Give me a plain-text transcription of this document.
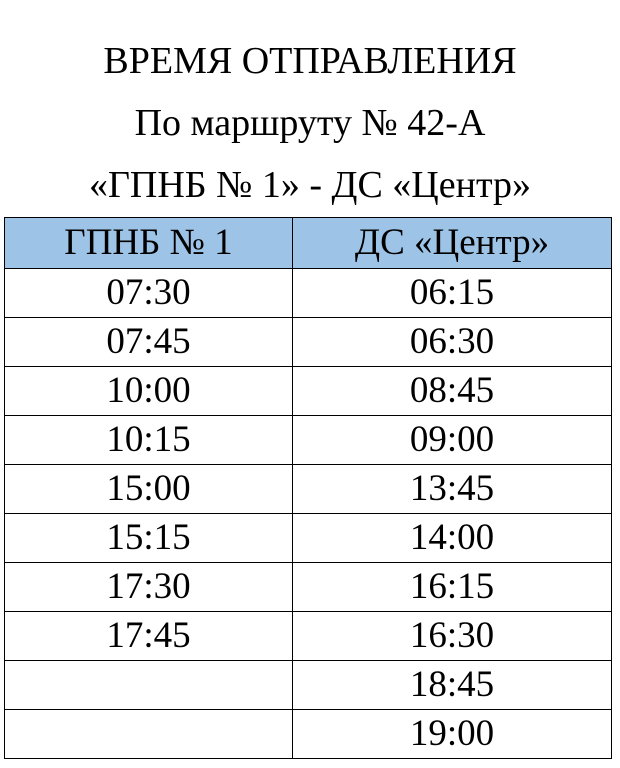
ВРЕМЯ ОТПРАВЛЕНИЯ
По маршруту № 42-А
«ГПНБ № 1» - ДС «Центр»
ГПНБ № 1	ДС «Центр»
07:30	06:15
07:45	06:30
10:00	08:45
10:15	09:00
15:00	13:45
15:15	14:00
17:30	16:15
17:45	16:30
	18:45
	19:00
